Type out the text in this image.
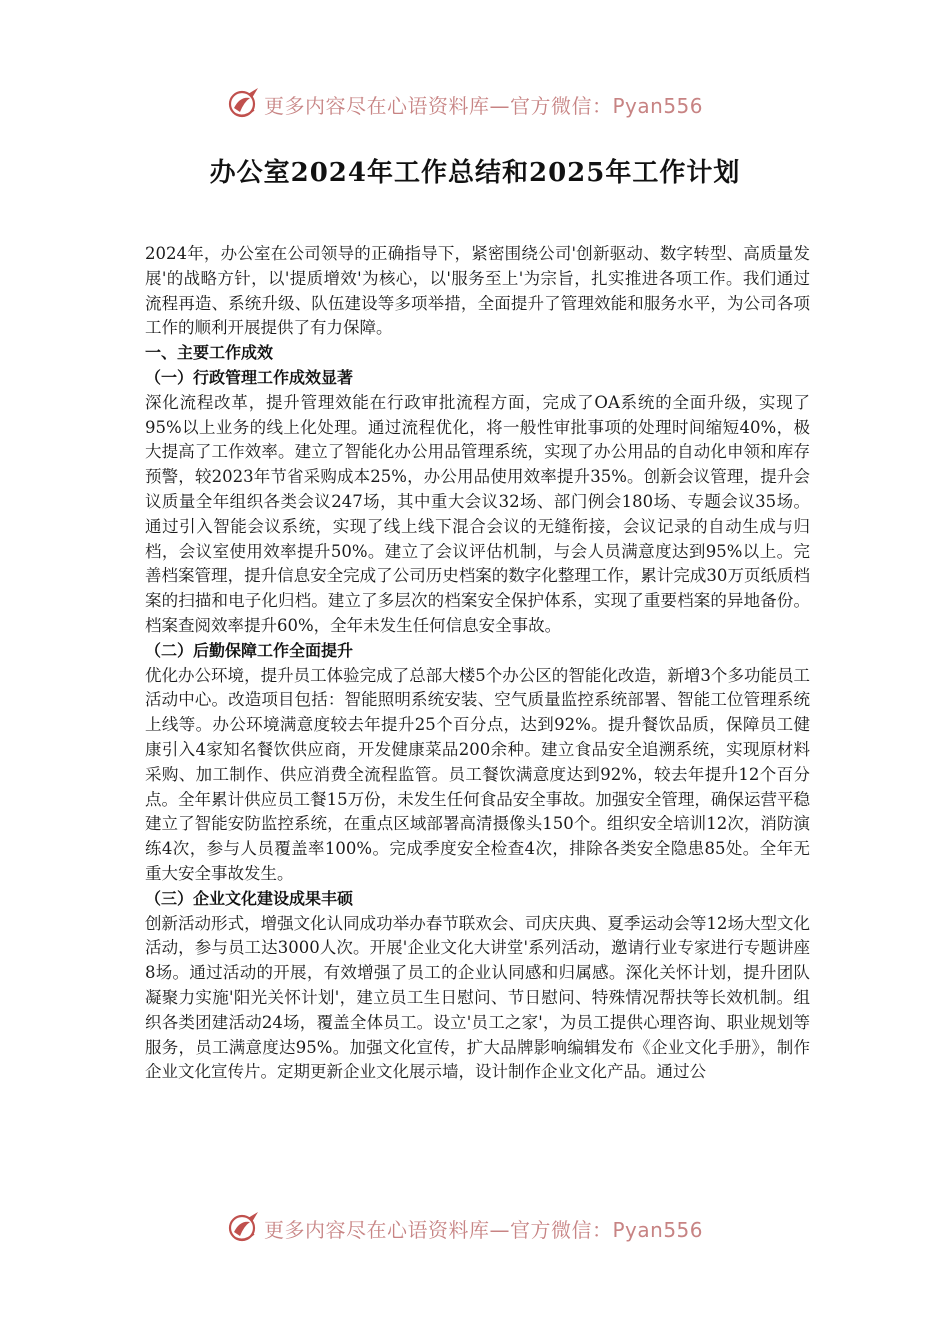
更多内容尽在心语资料库—官方微信：Pyan556
办公室2024年工作总结和2025年工作计划

2024年，办公室在公司领导的正确指导下，紧密围绕公司'创新驱动、数字转型、高质量发展'的战略方针，以'提质增效'为核心，以'服务至上'为宗旨，扎实推进各项工作。我们通过流程再造、系统升级、队伍建设等多项举措，全面提升了管理效能和服务水平，为公司各项工作的顺利开展提供了有力保障。

一、主要工作成效

（一）行政管理工作成效显著

深化流程改革，提升管理效能在行政审批流程方面，完成了OA系统的全面升级，实现了95%以上业务的线上化处理。通过流程优化，将一般性审批事项的处理时间缩短40%，极大提高了工作效率。建立了智能化办公用品管理系统，实现了办公用品的自动化申领和库存预警，较2023年节省采购成本25%，办公用品使用效率提升35%。创新会议管理，提升会议质量全年组织各类会议247场，其中重大会议32场、部门例会180场、专题会议35场。通过引入智能会议系统，实现了线上线下混合会议的无缝衔接，会议记录的自动生成与归档，会议室使用效率提升50%。建立了会议评估机制，与会人员满意度达到95%以上。完善档案管理，提升信息安全完成了公司历史档案的数字化整理工作，累计完成30万页纸质档案的扫描和电子化归档。建立了多层次的档案安全保护体系，实现了重要档案的异地备份。档案查阅效率提升60%，全年未发生任何信息安全事故。

（二）后勤保障工作全面提升

优化办公环境，提升员工体验完成了总部大楼5个办公区的智能化改造，新增3个多功能员工活动中心。改造项目包括：智能照明系统安装、空气质量监控系统部署、智能工位管理系统上线等。办公环境满意度较去年提升25个百分点，达到92%。提升餐饮品质，保障员工健康引入4家知名餐饮供应商，开发健康菜品200余种。建立食品安全追溯系统，实现原材料采购、加工制作、供应消费全流程监管。员工餐饮满意度达到92%，较去年提升12个百分点。全年累计供应员工餐15万份，未发生任何食品安全事故。加强安全管理，确保运营平稳建立了智能安防监控系统，在重点区域部署高清摄像头150个。组织安全培训12次，消防演练4次，参与人员覆盖率100%。完成季度安全检查4次，排除各类安全隐患85处。全年无重大安全事故发生。

（三）企业文化建设成果丰硕

创新活动形式，增强文化认同成功举办春节联欢会、司庆庆典、夏季运动会等12场大型文化活动，参与员工达3000人次。开展'企业文化大讲堂'系列活动，邀请行业专家进行专题讲座8场。通过活动的开展，有效增强了员工的企业认同感和归属感。深化关怀计划，提升团队凝聚力实施'阳光关怀计划'，建立员工生日慰问、节日慰问、特殊情况帮扶等长效机制。组织各类团建活动24场，覆盖全体员工。设立'员工之家'，为员工提供心理咨询、职业规划等服务，员工满意度达95%。加强文化宣传，扩大品牌影响编辑发布《企业文化手册》，制作企业文化宣传片。定期更新企业文化展示墙，设计制作企业文化产品。通过公

更多内容尽在心语资料库—官方微信：Pyan556
